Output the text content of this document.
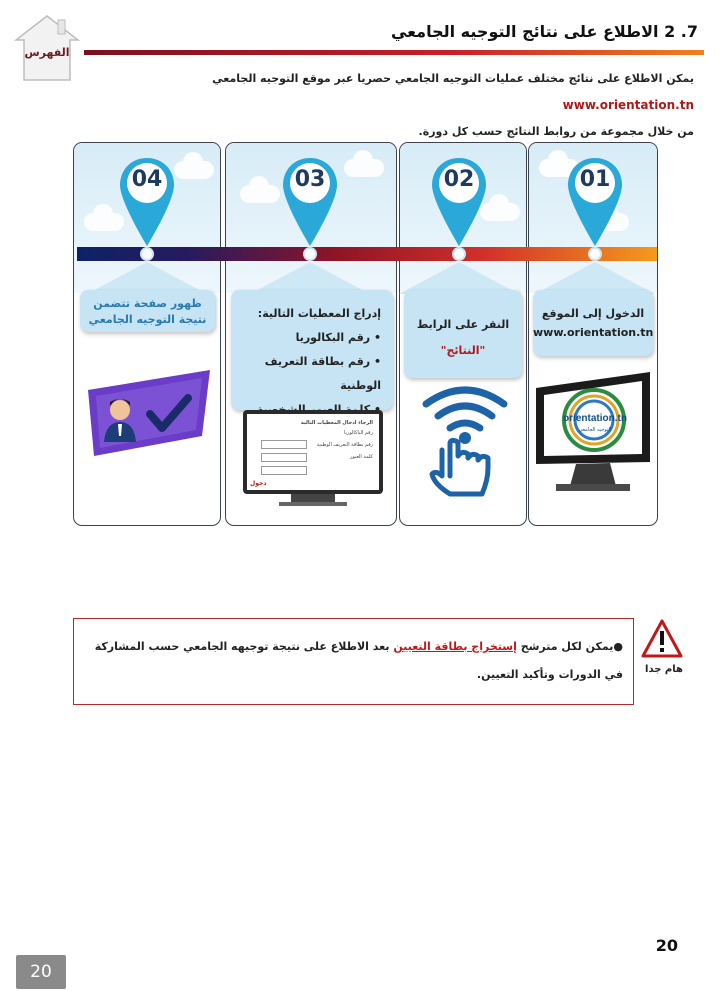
الفهرس
7. 2 الاطلاع على نتائج التوجيه الجامعي
يمكن الاطلاع على نتائج مختلف عمليات التوجيه الجامعي حصريا عبر موقع التوجيه الجامعي www.orientation.tn
من خلال مجموعة من روابط النتائج حسب كل دورة.
04	03	02	01
الدخول إلى الموقع
www.orientation.tn
النقر على الرابط
"النتائج"
إدراج المعطيات التالية:
• رقم البكالوريا
• رقم بطاقة التعريف الوطنية
•
ظهور صفحة تتضمن
نتيجة التوجيه الجامعي
orientation.tn
التوجيه الجامعي
الرجاء ادخال المعطيات التالية
رقم الباكالوريا
رقم بطاقة التعريف الوطنية
كلمة العبور
دخول
هام جدا
●يمكن لكل مترشح إستخراج بطاقة التعيين بعد الاطلاع على نتيجة توجيهه الجامعي حسب المشاركة في الدورات وتأكيد التعيين.
20
20
